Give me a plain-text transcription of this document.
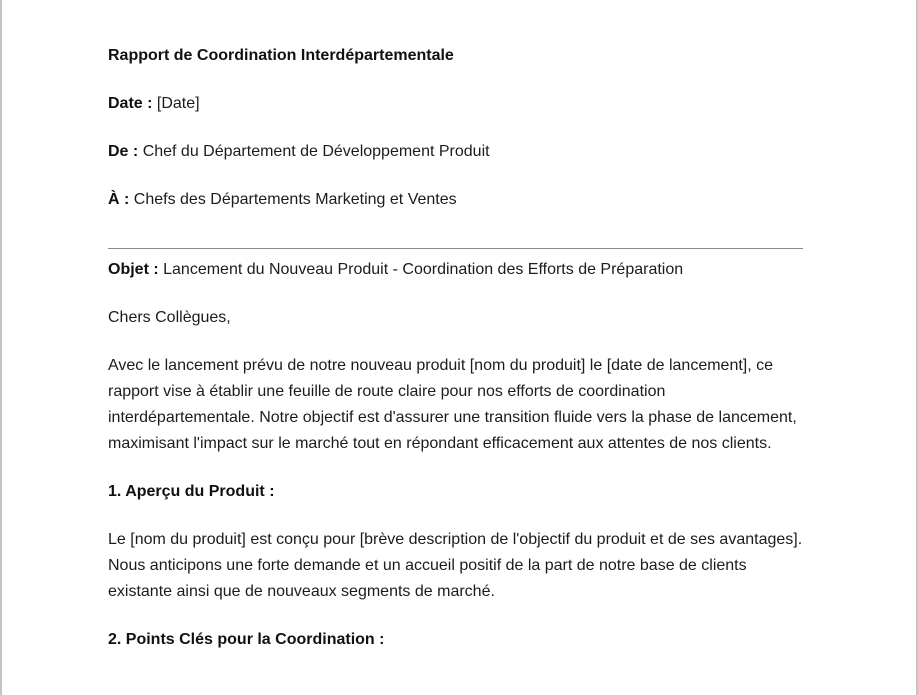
Rapport de Coordination Interdépartementale

Date : [Date]

De : Chef du Département de Développement Produit

À : Chefs des Départements Marketing et Ventes

Objet : Lancement du Nouveau Produit - Coordination des Efforts de Préparation

Chers Collègues,

Avec le lancement prévu de notre nouveau produit [nom du produit] le [date de lancement], ce rapport vise à établir une feuille de route claire pour nos efforts de coordination interdépartementale. Notre objectif est d'assurer une transition fluide vers la phase de lancement, maximisant l'impact sur le marché tout en répondant efficacement aux attentes de nos clients.

1. Aperçu du Produit :

Le [nom du produit] est conçu pour [brève description de l'objectif du produit et de ses avantages]. Nous anticipons une forte demande et un accueil positif de la part de notre base de clients existante ainsi que de nouveaux segments de marché.

2. Points Clés pour la Coordination :
